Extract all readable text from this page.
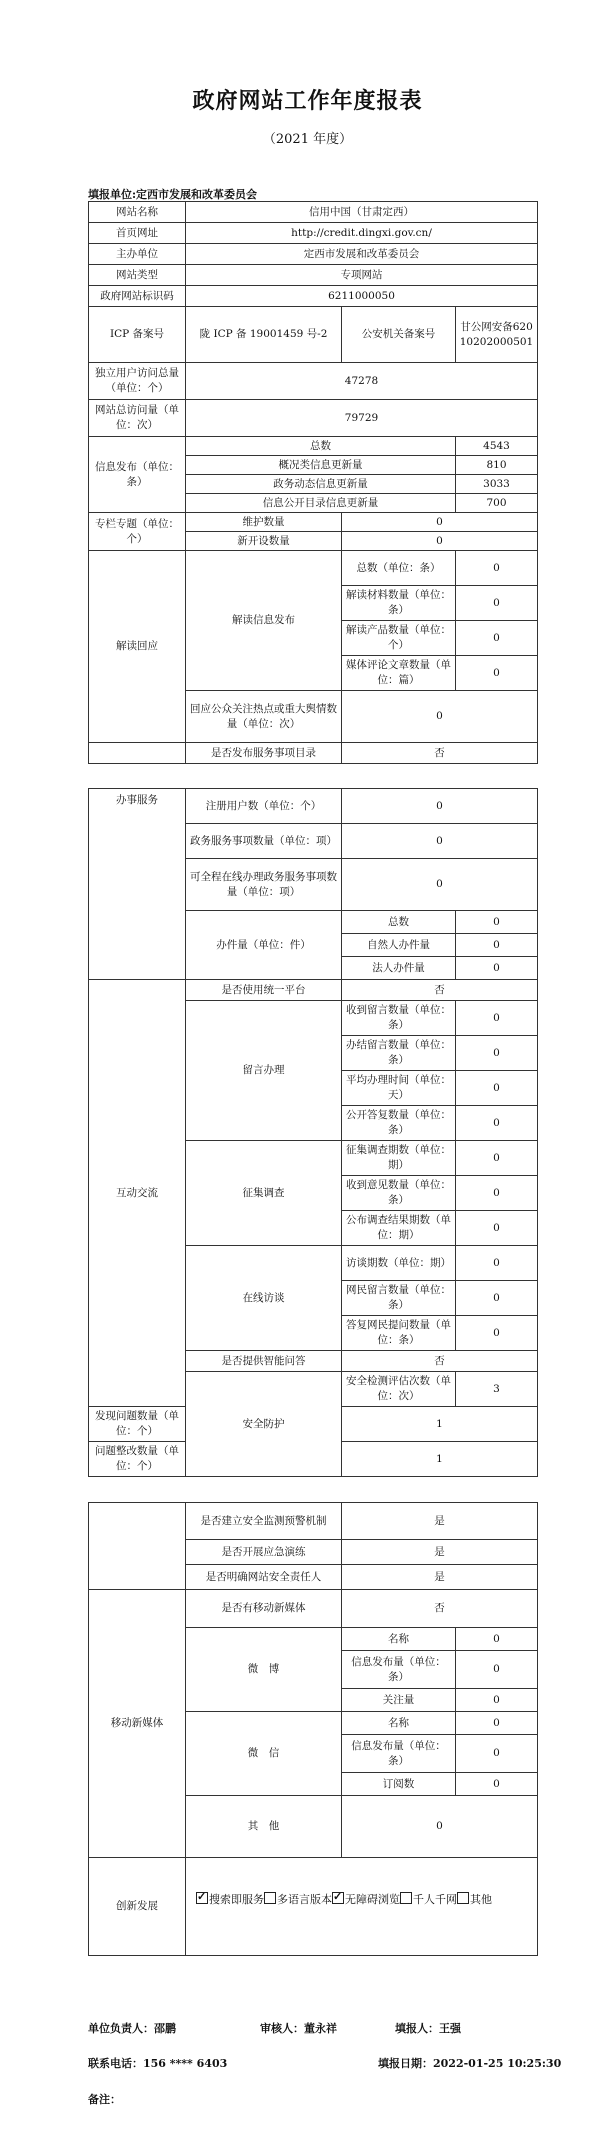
政府网站工作年度报表
（2021 年度）
填报单位:定西市发展和改革委员会
网站名称	信用中国（甘肃定西）		
首页网址	http://credit.dingxi.gov.cn/		
主办单位	定西市发展和改革委员会		
网站类型	专项网站		
政府网站标识码	6211000050		
ICP 备案号	陇 ICP 备 19001459 号-2	公安机关备案号	甘公网安备62010202000501
独立用户访问总量（单位：个）	47278		
网站总访问量（单位：次）	79729		
信息发布（单位：条）	总数		4543
	概况类信息更新量		810
	政务动态信息更新量		3033
	信息公开目录信息更新量		700
专栏专题（单位：个）	维护数量	0	
	新开设数量	0	
解读回应	解读信息发布	总数（单位：条）	0
		解读材料数量（单位：条）	0
		解读产品数量（单位：个）	0
		媒体评论文章数量（单位：篇）	0
	回应公众关注热点或重大舆情数量（单位：次）	0	
	是否发布服务事项目录	否	
办事服务	注册用户数（单位：个）	0	
	政务服务事项数量（单位：项）	0	
	可全程在线办理政务服务事项数量（单位：项）	0	
	办件量（单位：件）	总数	0
		自然人办件量	0
		法人办件量	0
互动交流	是否使用统一平台	否	
	留言办理	收到留言数量（单位：条）	0
		办结留言数量（单位：条）	0
		平均办理时间（单位：天）	0
		公开答复数量（单位：条）	0
	征集调查	征集调查期数（单位：期）	0
		收到意见数量（单位：条）	0
		公布调查结果期数（单位：期）	0
	在线访谈	访谈期数（单位：期）	0
		网民留言数量（单位：条）	0
		答复网民提问数量（单位：条）	0
	是否提供智能问答	否	
	安全防护	安全检测评估次数（单位：次）	3
发现问题数量（单位：个）		1	
问题整改数量（单位：个）		1	
	是否建立安全监测预警机制	是	
	是否开展应急演练	是	
	是否明确网站安全责任人	是	
移动新媒体	是否有移动新媒体	否	
	微　博	名称	0
		信息发布量（单位：条）	0
		关注量	0
	微　信	名称	0
		信息发布量（单位：条）	0
		订阅数	0
	其　他	0	
创新发展	✓搜索即服务 多语言版本 ✓ 无障碍浏览 千人千网 其他
单位负责人：邵鹏	审核人：董永祥	填报人：王强
联系电话：156 **** 6403	填报日期：2022-01-25 10:25:30
备注：
